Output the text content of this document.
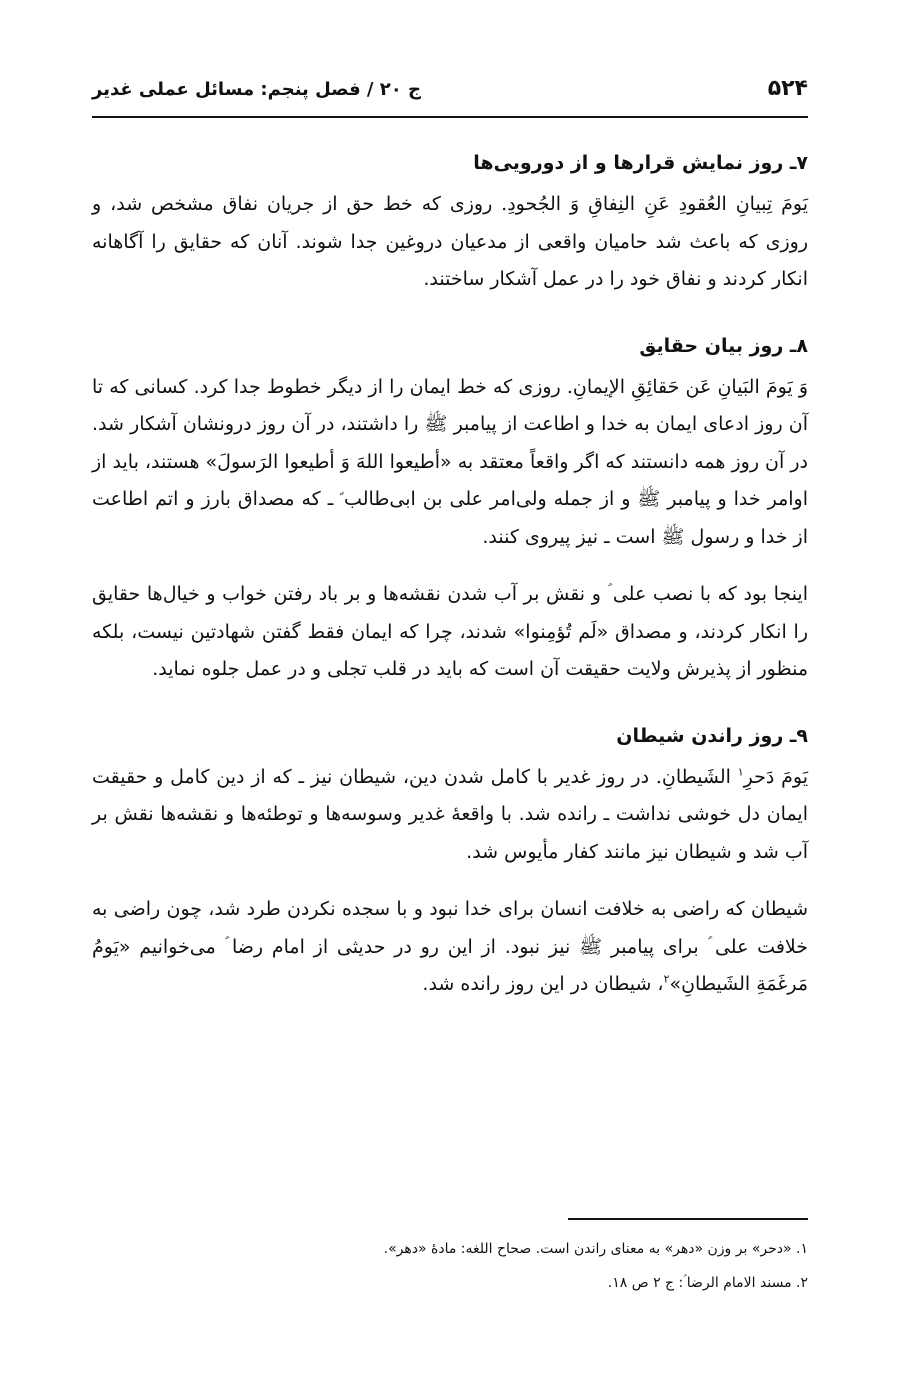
۵۲۴
ج ۲۰ / فصل پنجم: مسائل عملی غدیر
۷ـ روز نمایش قرارها و از دورویی‌ها

یَومَ تِبیانِ العُقودِ عَنِ النِفاقِ وَ الجُحودِ. روزی که خط حق از جریان نفاق مشخص شد، و روزی که باعث شد حامیان واقعی از مدعیان دروغین جدا شوند. آنان که حقایق را آگاهانه انکار کردند و نفاق خود را در عمل آشکار ساختند.

۸ـ روز بیان حقایق

وَ یَومَ البَیانِ عَن حَقائِقِ الإیمانِ. روزی که خط ایمان را از دیگر خطوط جدا کرد. کسانی که تا آن روز ادعای ایمان به خدا و اطاعت از پیامبر ﷺ را داشتند، در آن روز درونشان آشکار شد. در آن روز همه دانستند که اگر واقعاً معتقد به «أطیعوا اللهَ وَ أطیعوا الرَسولَ» هستند، باید از اوامر خدا و پیامبر ﷺ و از جمله ولی‌امر علی بن ابی‌طالب ؑ ـ که مصداق بارز و اتم اطاعت از خدا و رسول ﷺ است ـ نیز پیروی کنند.

اینجا بود که با نصب علی ؑ و نقش بر آب شدن نقشه‌ها و بر باد رفتن خواب و خیال‌ها حقایق را انکار کردند، و مصداق «لَم تُؤمِنوا» شدند، چرا که ایمان فقط گفتن شهادتین نیست، بلکه منظور از پذیرش ولایت حقیقت آن است که باید در قلب تجلی و در عمل جلوه نماید.

۹ـ روز راندن شیطان

یَومَ دَحرِ$^۱$ الشَیطانِ. در روز غدیر با کامل شدن دین، شیطان نیز ـ که از دین کامل و حقیقت ایمان دل خوشی نداشت ـ رانده شد. با واقعهٔ غدیر وسوسه‌ها و توطئه‌ها و نقشه‌ها نقش بر آب شد و شیطان نیز مانند کفار مأیوس شد.

شیطان که راضی به خلافت انسان برای خدا نبود و با سجده نکردن طرد شد، چون راضی به خلافت علی ؑ برای پیامبر ﷺ نیز نبود. از این رو در حدیثی از امام رضا ؑ می‌خوانیم «یَومُ مَرغَمَةِ الشَیطانِ»$^۲$، شیطان در این روز رانده شد.

۱. «دحر» بر وزن «دهر» به معنای راندن است. صحاح اللغه: مادهٔ «دهر».

۲. مسند الامام الرضا ؑ: ج ۲ ص ۱۸.
